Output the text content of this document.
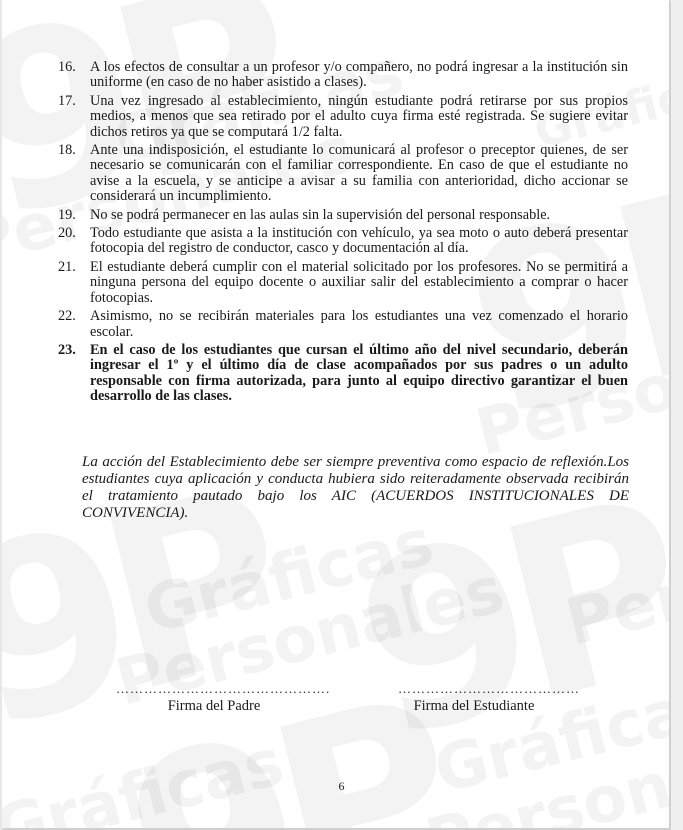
16. A los efectos de consultar a un profesor y/o compañero, no podrá ingresar a la institución sin uniforme (en caso de no haber asistido a clases).
17. Una vez ingresado al establecimiento, ningún estudiante podrá retirarse por sus propios medios, a menos que sea retirado por el adulto cuya firma esté registrada. Se sugiere evitar dichos retiros ya que se computará 1/2 falta.
18. Ante una indisposición, el estudiante lo comunicará al profesor o preceptor quienes, de ser necesario se comunicarán con el familiar correspondiente. En caso de que el estudiante no avise a la escuela, y se anticipe a avisar a su familia con anterioridad, dicho accionar se considerará un incumplimiento.
19. No se podrá permanecer en las aulas sin la supervisión del personal responsable.
20. Todo estudiante que asista a la institución con vehículo, ya sea moto o auto deberá presentar fotocopia del registro de conductor, casco y documentación al día.
21. El estudiante deberá cumplir con el material solicitado por los profesores. No se permitirá a ninguna persona del equipo docente o auxiliar salir del establecimiento a comprar o hacer fotocopias.
22. Asimismo, no se recibirán materiales para los estudiantes una vez comenzado el horario escolar.
23. En el caso de los estudiantes que cursan el último año del nivel secundario, deberán ingresar el 1º y el último día de clase acompañados por sus padres o un adulto responsable con firma autorizada, para junto al equipo directivo garantizar el buen desarrollo de las clases.

La acción del Establecimiento debe ser siempre preventiva como espacio de reflexión.Los estudiantes cuya aplicación y conducta hubiera sido reiteradamente observada recibirán el tratamiento pautado bajo los AIC (ACUERDOS INSTITUCIONALES DE CONVIVENCIA).

……………………………………….
Firma del Padre
…………………………………
Firma del Estudiante
6
